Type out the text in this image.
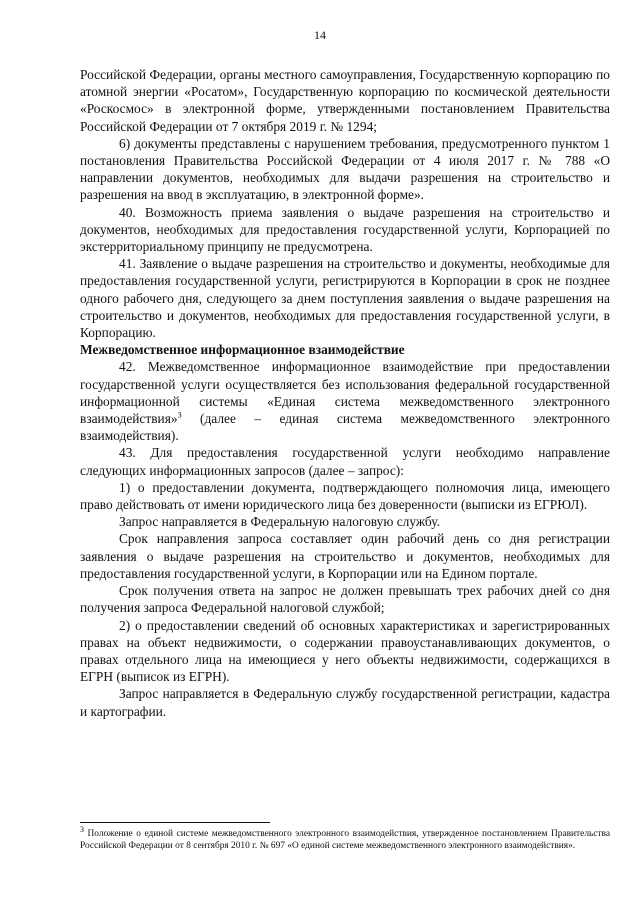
14

Российской Федерации, органы местного самоуправления, Государственную корпорацию по атомной энергии «Росатом», Государственную корпорацию по космической деятельности «Роскосмос» в электронной форме, утвержденными постановлением Правительства Российской Федерации от 7 октября 2019 г. № 1294;

6) документы представлены с нарушением требования, предусмотренного пунктом 1 постановления Правительства Российской Федерации от 4 июля 2017 г. № 788 «О направлении документов, необходимых для выдачи разрешения на строительство и разрешения на ввод в эксплуатацию, в электронной форме».

40. Возможность приема заявления о выдаче разрешения на строительство и документов, необходимых для предоставления государственной услуги, Корпорацией по экстерриториальному принципу не предусмотрена.

41. Заявление о выдаче разрешения на строительство и документы, необходимые для предоставления государственной услуги, регистрируются в Корпорации в срок не позднее одного рабочего дня, следующего за днем поступления заявления о выдаче разрешения на строительство и документов, необходимых для предоставления государственной услуги, в Корпорацию.

Межведомственное информационное взаимодействие

42. Межведомственное информационное взаимодействие при предоставлении государственной услуги осуществляется без использования федеральной государственной информационной системы «Единая система межведомственного электронного взаимодействия»$^3$ (далее – единая система межведомственного электронного взаимодействия).

43. Для предоставления государственной услуги необходимо направление следующих информационных запросов (далее – запрос):

1) о предоставлении документа, подтверждающего полномочия лица, имеющего право действовать от имени юридического лица без доверенности (выписки из ЕГРЮЛ).

Запрос направляется в Федеральную налоговую службу.

Срок направления запроса составляет один рабочий день со дня регистрации заявления о выдаче разрешения на строительство и документов, необходимых для предоставления государственной услуги, в Корпорации или на Едином портале.

Срок получения ответа на запрос не должен превышать трех рабочих дней со дня получения запроса Федеральной налоговой службой;

2) о предоставлении сведений об основных характеристиках и зарегистрированных правах на объект недвижимости, о содержании правоустанавливающих документов, о правах отдельного лица на имеющиеся у него объекты недвижимости, содержащихся в ЕГРН (выписок из ЕГРН).

Запрос направляется в Федеральную службу государственной регистрации, кадастра и картографии.

$^3$ Положение о единой системе межведомственного электронного взаимодействия, утвержденное постановлением Правительства Российской Федерации от 8 сентября 2010 г. № 697 «О единой системе межведомственного электронного взаимодействия».
